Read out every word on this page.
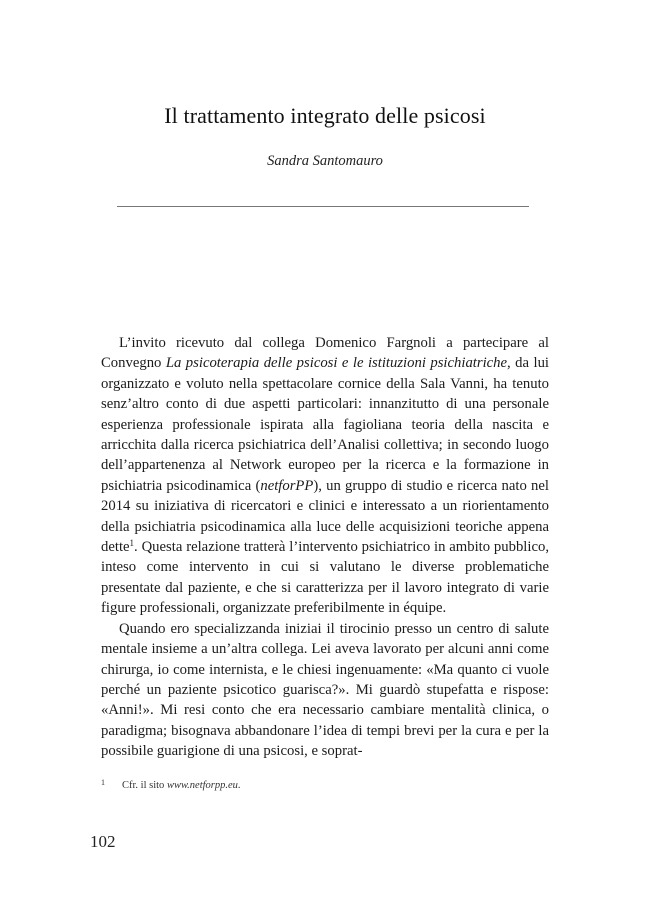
Il trattamento integrato delle psicosi
Sandra Santomauro

L’invito ricevuto dal collega Domenico Fargnoli a partecipare al Convegno La psicoterapia delle psicosi e le istituzioni psichiatriche, da lui organizzato e voluto nella spettacolare cornice della Sala Vanni, ha tenuto senz’altro conto di due aspetti particolari: innanzitutto di una personale esperienza professionale ispirata alla fagioliana teoria della nascita e arricchita dalla ricerca psichiatrica dell’Analisi collettiva; in secondo luogo dell’appartenenza al Network europeo per la ricerca e la formazione in psichiatria psicodinamica (netforPP), un gruppo di studio e ricerca nato nel 2014 su iniziativa di ricercatori e clinici e interessato a un riorientamento della psichiatria psicodinamica alla luce delle acquisizioni teoriche appena dette$^1$. Questa relazione tratterà l’intervento psichiatrico in ambito pubblico, inteso come intervento in cui si valutano le diverse problematiche presentate dal paziente, e che si caratterizza per il lavoro integrato di varie figure professionali, organizzate preferibilmente in équipe.

Quando ero specializzanda iniziai il tirocinio presso un centro di salute mentale insieme a un’altra collega. Lei aveva lavorato per alcuni anni come chirurga, io come internista, e le chiesi ingenuamente: «Ma quanto ci vuole perché un paziente psicotico guarisca?». Mi guardò stupefatta e rispose: «Anni!». Mi resi conto che era necessario cambiare mentalità clinica, o paradigma; bisognava abbandonare l’idea di tempi brevi per la cura e per la possibile guarigione di una psicosi, e soprat-

1 Cfr. il sito www.netforpp.eu.
102
